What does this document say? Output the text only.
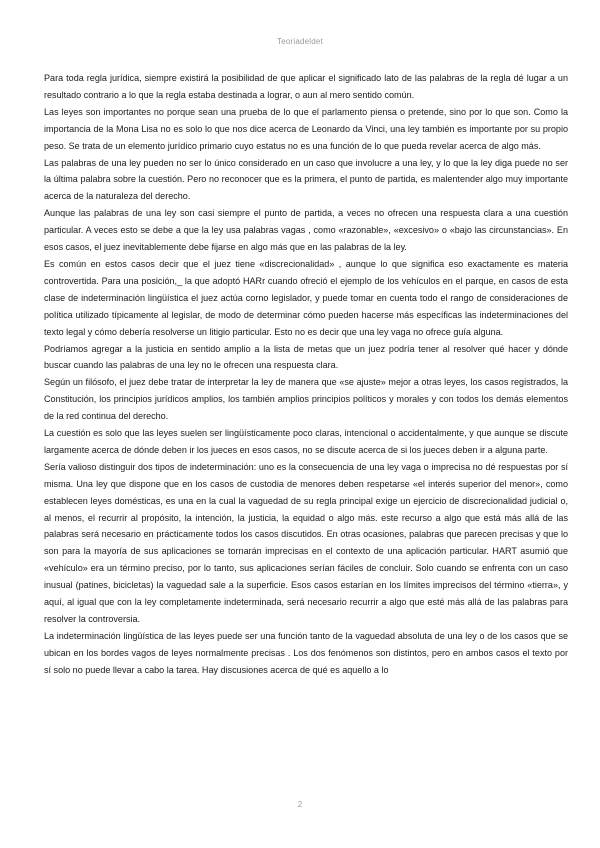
Teoriadeldet

Para toda regla jurídica, siempre existirá la posibilidad de que aplicar el significado lato de las palabras de la regla dé lugar a un resultado contrario a lo que la regla estaba destinada a lograr, o aun al mero sentido común.

Las leyes son importantes no porque sean una prueba de lo que el parlamento piensa o pretende, sino por lo que son. Como la importancia de la Mona Lisa no es solo lo que nos dice acerca de Leonardo da Vinci, una ley también es importante por su propio peso. Se trata de un elemento jurídico primario cuyo estatus no es una función de lo que pueda revelar acerca de algo más.

Las palabras de una ley pueden no ser lo único considerado en un caso que involucre a una ley, y lo que la ley diga puede no ser la última palabra sobre la cuestión. Pero no reconocer que es la primera, el punto de partida, es malentender algo muy importante acerca de la naturaleza del derecho.

Aunque las palabras de una ley son casi siempre el punto de partida, a veces no ofrecen una respuesta clara a una cuestión particular. A veces esto se debe a que la ley usa palabras vagas , como «razonable», «excesivo» o «bajo las circunstancias». En esos casos, el juez inevitablemente debe fijarse en algo más que en las palabras de la ley.

Es común en estos casos decir que el juez tiene «discrecionalidad» , aunque lo que significa eso exactamente es materia controvertida. Para una posición,_ la que adoptó HARr cuando ofreció el ejemplo de los vehículos en el parque, en casos de esta clase de indeterminación lingüística el juez actúa corno legislador, y puede tomar en cuenta todo el rango de consideraciones de política utilizado típicamente al legislar, de modo de determinar cómo pueden hacerse más específicas las indeterminaciones del texto legal y cómo debería resolverse un litigio particular. Esto no es decir que una ley vaga no ofrece guía alguna.

Podríamos agregar a la justicia en sentido amplio a la lista de metas que un juez podría tener al resolver qué hacer y dónde buscar cuando las palabras de una ley no le ofrecen una respuesta clara.

Según un filósofo, el juez debe tratar de interpretar la ley de manera que «se ajuste» mejor a otras leyes, los casos registrados, la Constitución, los principios jurídicos amplios, los también amplios principios políticos y morales y con todos los demás elementos de la red continua del derecho.

La cuestión es solo que las leyes suelen ser lingüísticamente poco claras, intencional o accidentalmente, y que aunque se discute largamente acerca de dónde deben ir los jueces en esos casos, no se discute acerca de si los jueces deben ir a alguna parte.

Sería valioso distinguir dos tipos de indeterminación: uno es la consecuencia de una ley vaga o imprecisa no dé respuestas por sí misma. Una ley que dispone que en los casos de custodia de menores deben respetarse «el interés superior del menor», como establecen leyes domésticas, es una en la cual la vaguedad de su regla principal exige un ejercicio de discrecionalidad judicial o, al menos, el recurrir al propósito, la intención, la justicia, la equidad o algo más. este recurso a algo que está más allá de las palabras será necesario en prácticamente todos los casos discutidos. En otras ocasiones, palabras que parecen precisas y que lo son para la mayoría de sus aplicaciones se tornarán imprecisas en el contexto de una aplicación particular. HART asumió que «vehículo» era un término preciso, por lo tanto, sus aplicaciones serían fáciles de concluir. Solo cuando se enfrenta con un caso inusual (patines, bicicletas) la vaguedad sale a la superficie. Esos casos estarían en los límites imprecisos del término «tierra», y aquí, al igual que con la ley completamente indeterminada, será necesario recurrir a algo que esté más allá de las palabras para resolver la controversia.

La indeterminación lingüística de las leyes puede ser una función tanto de la vaguedad absoluta de una ley o de los casos que se ubican en los bordes vagos de leyes normalmente precisas . Los dos fenómenos son distintos, pero en ambos casos el texto por sí solo no puede llevar a cabo la tarea. Hay discusiones acerca de qué es aquello a lo

2
